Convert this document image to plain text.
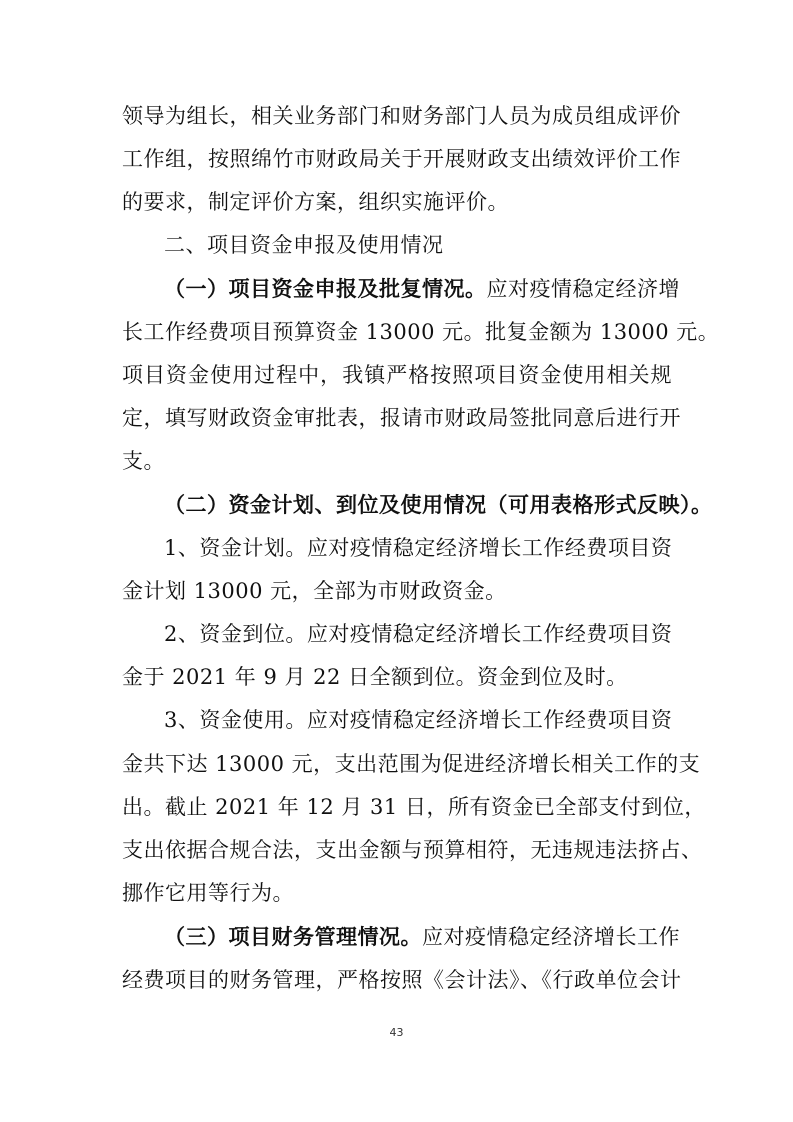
领导为组长，相关业务部门和财务部门人员为成员组成评价
工作组，按照绵竹市财政局关于开展财政支出绩效评价工作
的要求，制定评价方案，组织实施评价。
二、项目资金申报及使用情况
（一）项目资金申报及批复情况。应对疫情稳定经济增
长工作经费项目预算资金 13000 元。批复金额为 13000 元。
项目资金使用过程中，我镇严格按照项目资金使用相关规
定，填写财政资金审批表，报请市财政局签批同意后进行开
支。
（二）资金计划、到位及使用情况（可用表格形式反映）。
1、资金计划。应对疫情稳定经济增长工作经费项目资
金计划 13000 元，全部为市财政资金。
2、资金到位。应对疫情稳定经济增长工作经费项目资
金于 2021 年 9 月 22 日全额到位。资金到位及时。
3、资金使用。应对疫情稳定经济增长工作经费项目资
金共下达 13000 元，支出范围为促进经济增长相关工作的支
出。截止 2021 年 12 月 31 日，所有资金已全部支付到位，
支出依据合规合法，支出金额与预算相符，无违规违法挤占、
挪作它用等行为。
（三）项目财务管理情况。应对疫情稳定经济增长工作
经费项目的财务管理，严格按照《会计法》、《行政单位会计
43
